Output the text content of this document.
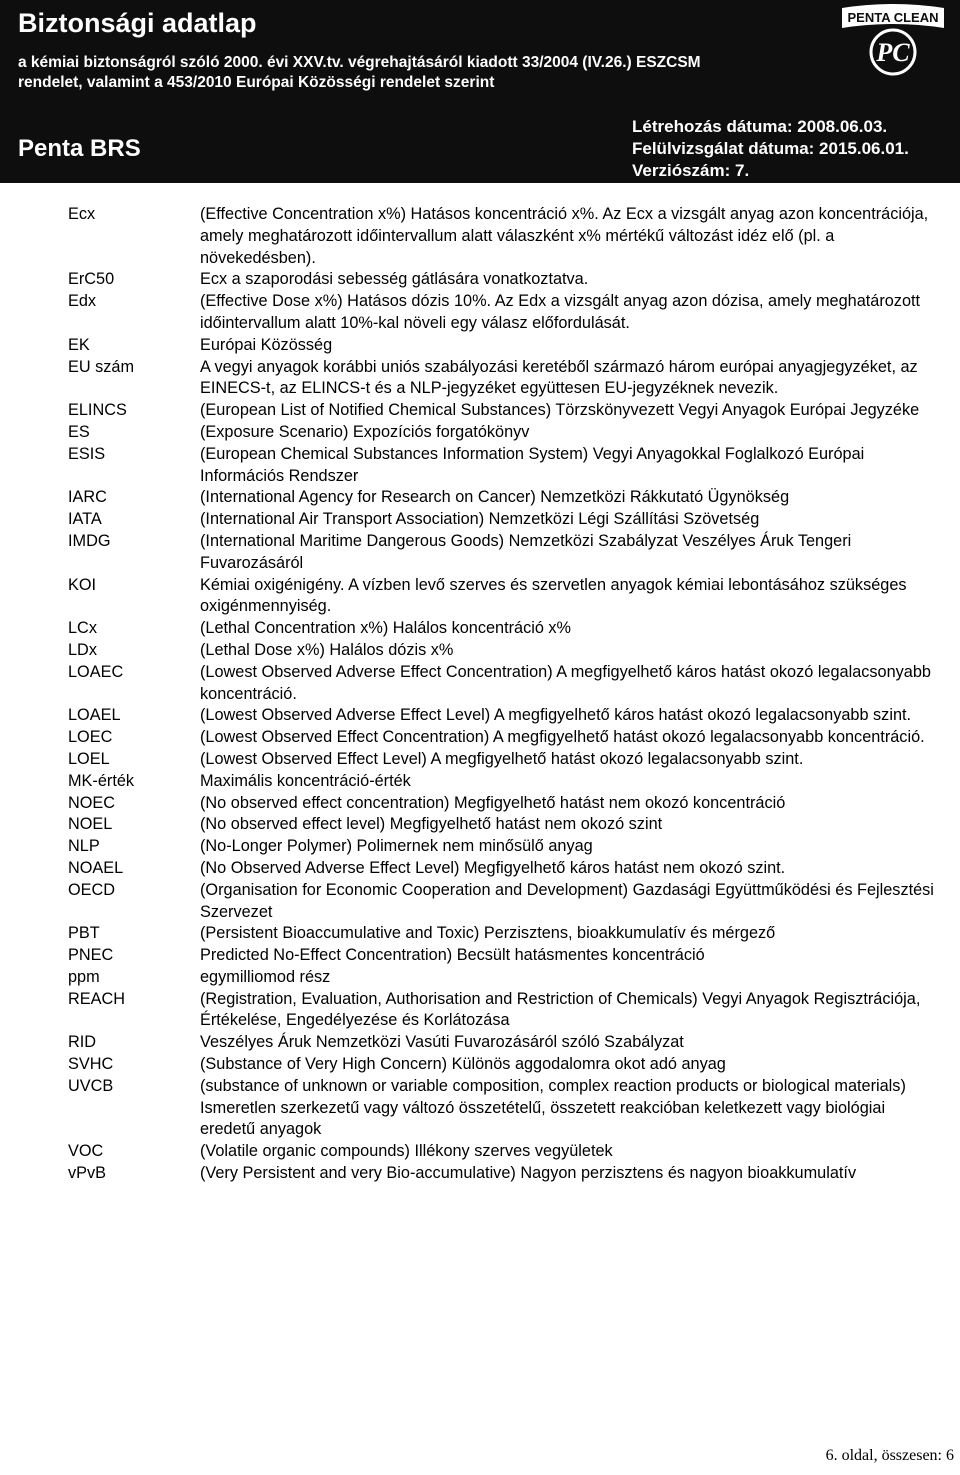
Biztonsági adatlap
a kémiai biztonságról szóló 2000. évi XXV.tv. végrehajtásáról kiadott 33/2004 (IV.26.) ESZCSM
rendelet, valamint a 453/2010 Európai Közösségi rendelet szerint
Penta BRS
Létrehozás dátuma: 2008.06.03.
Felülvizsgálat dátuma: 2015.06.01.
Verziószám: 7.
PENTA CLEAN
PC
Ecx	(Effective Concentration x%) Hatásos koncentráció x%. Az Ecx a vizsgált anyag azon koncentrációja, amely meghatározott időintervallum alatt válaszként x% mértékű változást idéz elő (pl. a növekedésben).
ErC50	Ecx a szaporodási sebesség gátlására vonatkoztatva.
Edx	(Effective Dose x%) Hatásos dózis 10%. Az Edx a vizsgált anyag azon dózisa, amely meghatározott időintervallum alatt 10%-kal növeli egy válasz előfordulását.
EK	Európai Közösség
EU szám	A vegyi anyagok korábbi uniós szabályozási keretéből származó három európai anyagjegyzéket, az EINECS-t, az ELINCS-t és a NLP-jegyzéket együttesen EU-jegyzéknek nevezik.
ELINCS	(European List of Notified Chemical Substances) Törzskönyvezett Vegyi Anyagok Európai Jegyzéke
ES	(Exposure Scenario) Expozíciós forgatókönyv
ESIS	(European Chemical Substances Information System) Vegyi Anyagokkal Foglalkozó Európai Információs Rendszer
IARC	(International Agency for Research on Cancer) Nemzetközi Rákkutató Ügynökség
IATA	(International Air Transport Association) Nemzetközi Légi Szállítási Szövetség
IMDG	(International Maritime Dangerous Goods) Nemzetközi Szabályzat Veszélyes Áruk Tengeri Fuvarozásáról
KOI	Kémiai oxigénigény. A vízben levő szerves és szervetlen anyagok kémiai lebontásához szükséges oxigénmennyiség.
LCx	(Lethal Concentration x%) Halálos koncentráció x%
LDx	(Lethal Dose x%) Halálos dózis x%
LOAEC	(Lowest Observed Adverse Effect Concentration) A megfigyelhető káros hatást okozó legalacsonyabb koncentráció.
LOAEL	(Lowest Observed Adverse Effect Level) A megfigyelhető káros hatást okozó legalacsonyabb szint.
LOEC	(Lowest Observed Effect Concentration) A megfigyelhető hatást okozó legalacsonyabb koncentráció.
LOEL	(Lowest Observed Effect Level) A megfigyelhető hatást okozó legalacsonyabb szint.
MK-érték	Maximális koncentráció-érték
NOEC	(No observed effect concentration) Megfigyelhető hatást nem okozó koncentráció
NOEL	(No observed effect level) Megfigyelhető hatást nem okozó szint
NLP	(No-Longer Polymer) Polimernek nem minősülő anyag
NOAEL	(No Observed Adverse Effect Level) Megfigyelhető káros hatást nem okozó szint.
OECD	(Organisation for Economic Cooperation and Development) Gazdasági Együttműködési és Fejlesztési Szervezet
PBT	(Persistent Bioaccumulative and Toxic) Perzisztens, bioakkumulatív és mérgező
PNEC	Predicted No-Effect Concentration) Becsült hatásmentes koncentráció
ppm	egymilliomod rész
REACH	(Registration, Evaluation, Authorisation and Restriction of Chemicals) Vegyi Anyagok Regisztrációja, Értékelése, Engedélyezése és Korlátozása
RID	Veszélyes Áruk Nemzetközi Vasúti Fuvarozásáról szóló Szabályzat
SVHC	(Substance of Very High Concern) Különös aggodalomra okot adó anyag
UVCB	(substance of unknown or variable composition, complex reaction products or biological materials) Ismeretlen szerkezetű vagy változó összetételű, összetett reakcióban keletkezett vagy biológiai eredetű anyagok
VOC	(Volatile organic compounds) Illékony szerves vegyületek
vPvB	(Very Persistent and very Bio-accumulative) Nagyon perzisztens és nagyon bioakkumulatív
6. oldal, összesen: 6
